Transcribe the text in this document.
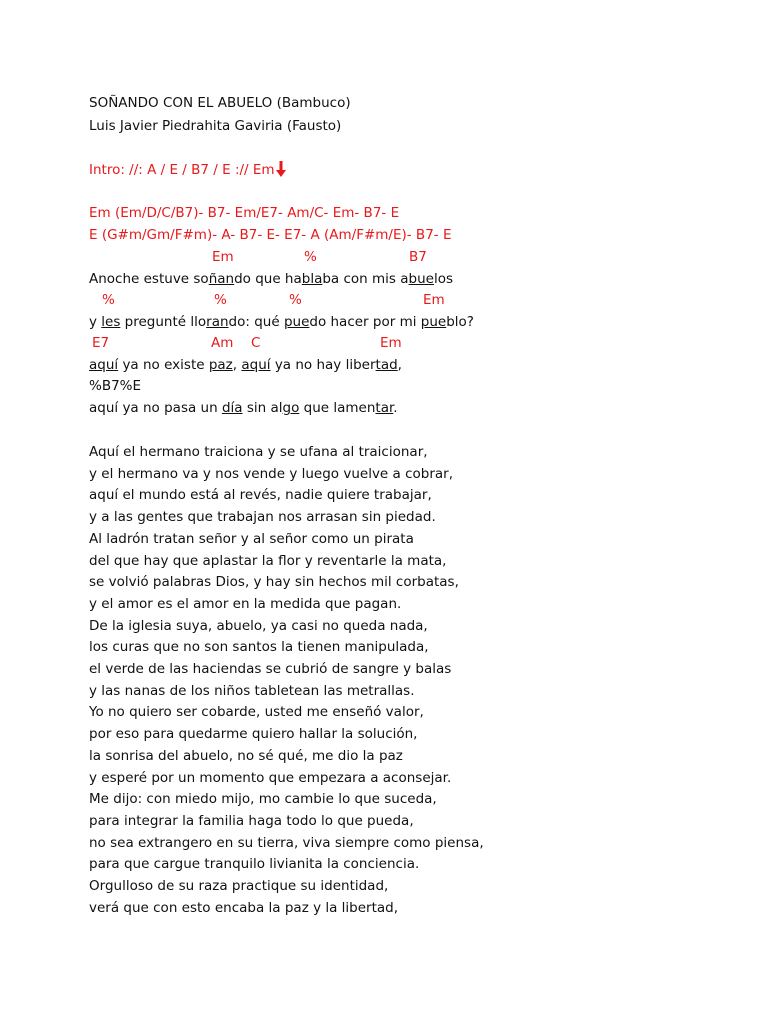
SOÑANDO CON EL ABUELO (Bambuco)
Luis Javier Piedrahita Gaviria (Fausto)
Intro: //: A / E / B7 / E :// Em
Em (Em/D/C/B7)- B7- Em/E7- Am/C- Em- B7- E
E (G#m/Gm/F#m)- A- B7- E- E7- A (Am/F#m/E)- B7- E
Em	%	B7
Anoche estuve soñando que hablaba con mis abuelos
%	%	%	Em
y les pregunté llorando: qué puedo hacer por mi pueblo?
E7	Am C	Em
aquí ya no existe paz, aquí ya no hay libertad,
%B7%E
aquí ya no pasa un día sin algo que lamentar.
Aquí el hermano traiciona y se ufana al traicionar,
y el hermano va y nos vende y luego vuelve a cobrar,
aquí el mundo está al revés, nadie quiere trabajar,
y a las gentes que trabajan nos arrasan sin piedad.
Al ladrón tratan señor y al señor como un pirata
del que hay que aplastar la flor y reventarle la mata,
se volvió palabras Dios, y hay sin hechos mil corbatas,
y el amor es el amor en la medida que pagan.
De la iglesia suya, abuelo, ya casi no queda nada,
los curas que no son santos la tienen manipulada,
el verde de las haciendas se cubrió de sangre y balas
y las nanas de los niños tabletean las metrallas.
Yo no quiero ser cobarde, usted me enseñó valor,
por eso para quedarme quiero hallar la solución,
la sonrisa del abuelo, no sé qué, me dio la paz
y esperé por un momento que empezara a aconsejar.
Me dijo: con miedo mijo, mo cambie lo que suceda,
para integrar la familia haga todo lo que pueda,
no sea extrangero en su tierra, viva siempre como piensa,
para que cargue tranquilo livianita la conciencia.
Orgulloso de su raza practique su identidad,
verá que con esto encaba la paz y la libertad,
